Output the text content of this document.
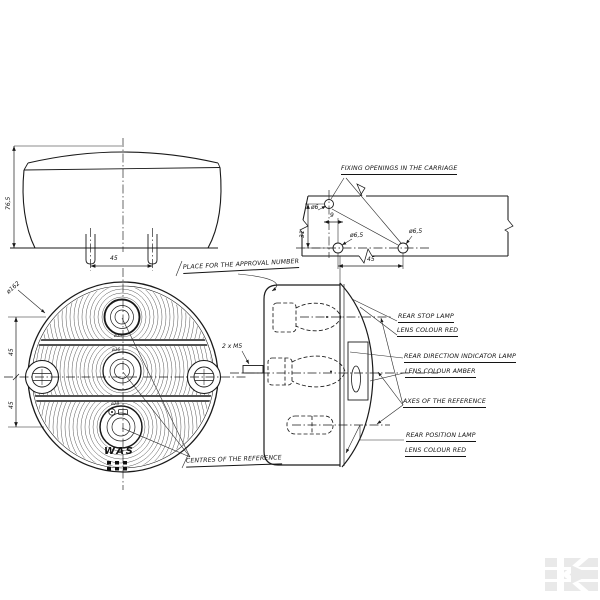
FIXING OPENINGS IN THE CARRIAGE
PLACE FOR THE APPROVAL NUMBER
CENTRES OF THE REFERENCE
REAR STOP LAMP
LENS COLOUR RED
REAR DIRECTION INDICATOR LAMP
LENS COLOUR AMBER
AXES OF THE REFERENCE
REAR POSITION LAMP
LENS COLOUR RED
76,5
45
2 x M5
31
9
ø6
ø6,5
ø6,5
45
ø162
45
45
ø38
ø36
ø28
WAS
